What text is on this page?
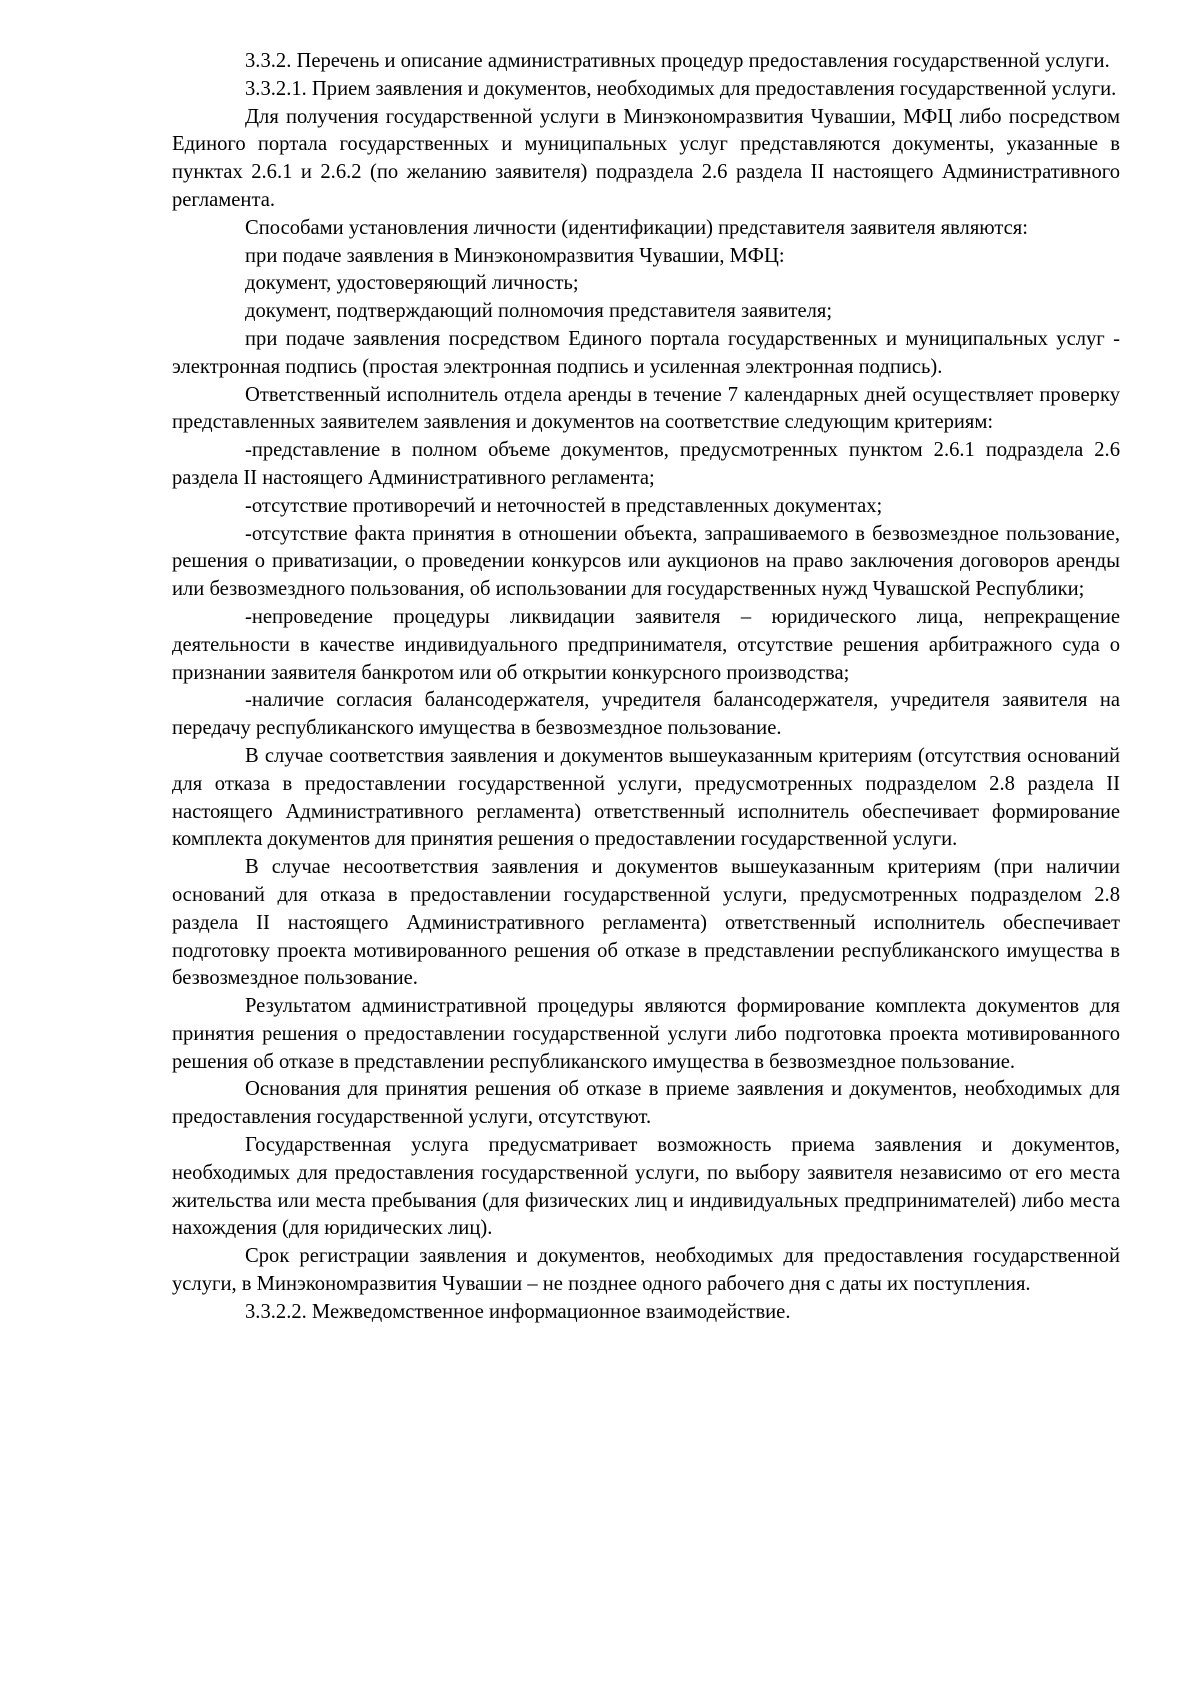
3.3.2. Перечень и описание административных процедур предоставления государственной услуги.

3.3.2.1. Прием заявления и документов, необходимых для предоставления государственной услуги.

Для получения государственной услуги в Минэкономразвития Чувашии, МФЦ либо посредством Единого портала государственных и муниципальных услуг представляются документы, указанные в пунктах 2.6.1 и 2.6.2 (по желанию заявителя) подраздела 2.6 раздела II настоящего Административного регламента.

Способами установления личности (идентификации) представителя заявителя являются:

при подаче заявления в Минэкономразвития Чувашии, МФЦ:

документ, удостоверяющий личность;

документ, подтверждающий полномочия представителя заявителя;

при подаче заявления посредством Единого портала государственных и муниципальных услуг - электронная подпись (простая электронная подпись и усиленная электронная подпись).

Ответственный исполнитель отдела аренды в течение 7 календарных дней осуществляет проверку представленных заявителем заявления и документов на соответствие следующим критериям:

-представление в полном объеме документов, предусмотренных пунктом 2.6.1 подраздела 2.6 раздела II настоящего Административного регламента;

-отсутствие противоречий и неточностей в представленных документах;

-отсутствие факта принятия в отношении объекта, запрашиваемого в безвозмездное пользование, решения о приватизации, о проведении конкурсов или аукционов на право заключения договоров аренды или безвозмездного пользования, об использовании для государственных нужд Чувашской Республики;

-непроведение процедуры ликвидации заявителя – юридического лица, непрекращение деятельности в качестве индивидуального предпринимателя, отсутствие решения арбитражного суда о признании заявителя банкротом или об открытии конкурсного производства;

-наличие согласия балансодержателя, учредителя балансодержателя, учредителя заявителя на передачу республиканского имущества в безвозмездное пользование.

В случае соответствия заявления и документов вышеуказанным критериям (отсутствия оснований для отказа в предоставлении государственной услуги, предусмотренных подразделом 2.8 раздела II настоящего Административного регламента) ответственный исполнитель обеспечивает формирование комплекта документов для принятия решения о предоставлении государственной услуги.

В случае несоответствия заявления и документов вышеуказанным критериям (при наличии оснований для отказа в предоставлении государственной услуги, предусмотренных подразделом 2.8 раздела II настоящего Административного регламента) ответственный исполнитель обеспечивает подготовку проекта мотивированного решения об отказе в представлении республиканского имущества в безвозмездное пользование.

Результатом административной процедуры являются формирование комплекта документов для принятия решения о предоставлении государственной услуги либо подготовка проекта мотивированного решения об отказе в представлении республиканского имущества в безвозмездное пользование.

Основания для принятия решения об отказе в приеме заявления и документов, необходимых для предоставления государственной услуги, отсутствуют.

Государственная услуга предусматривает возможность приема заявления и документов, необходимых для предоставления государственной услуги, по выбору заявителя независимо от его места жительства или места пребывания (для физических лиц и индивидуальных предпринимателей) либо места нахождения (для юридических лиц).

Срок регистрации заявления и документов, необходимых для предоставления государственной услуги, в Минэкономразвития Чувашии – не позднее одного рабочего дня с даты их поступления.

3.3.2.2. Межведомственное информационное взаимодействие.
